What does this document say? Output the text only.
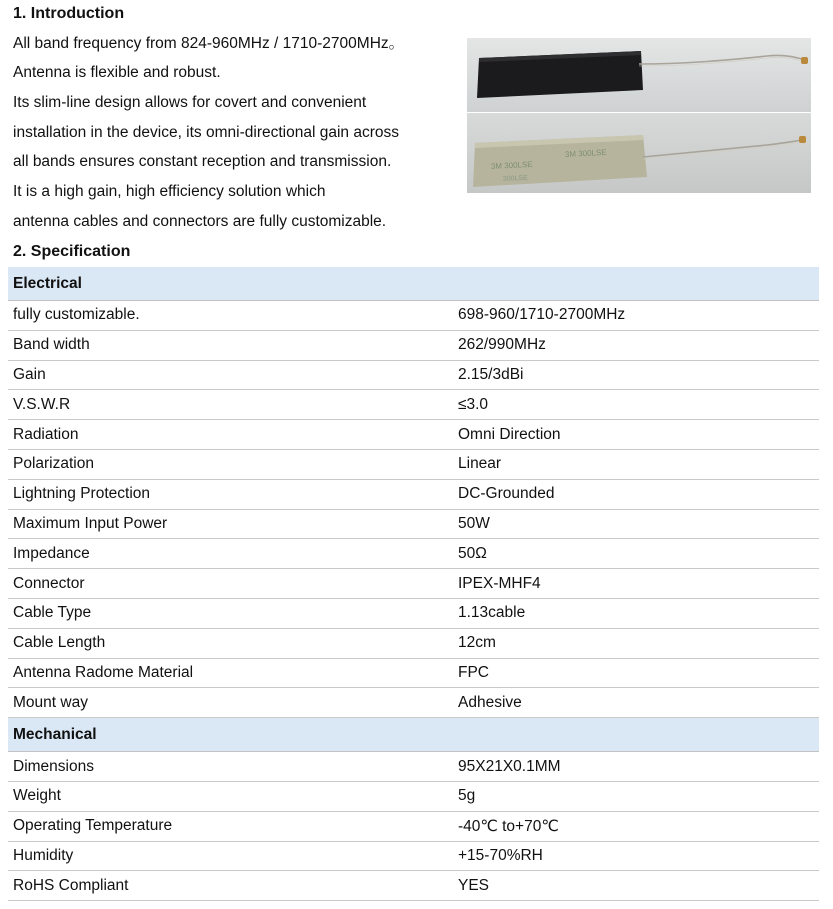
1. Introduction
All band frequency from 824-960MHz / 1710-2700MHz。
Antenna is flexible and robust.
Its slim-line design allows for covert and convenient
installation in the device, its omni-directional gain across
all bands ensures constant reception and transmission.
It is a high gain, high efficiency solution which
antenna cables and connectors are fully customizable.
3M 300LSE
3M 300LSE
300LSE
2. Specification
Electrical	
fully customizable.	698-960/1710-2700MHz
Band width	262/990MHz
Gain	2.15/3dBi
V.S.W.R	≤3.0
Radiation	Omni Direction
Polarization	Linear
Lightning Protection	DC-Grounded
Maximum Input Power	50W
Impedance	50Ω
Connector	IPEX-MHF4
Cable Type	1.13cable
Cable Length	12cm
Antenna Radome Material	FPC
Mount way	Adhesive
Mechanical	
Dimensions	95X21X0.1MM
Weight	5g
Operating Temperature	-40℃ to+70℃
Humidity	+15-70%RH
RoHS Compliant	YES
